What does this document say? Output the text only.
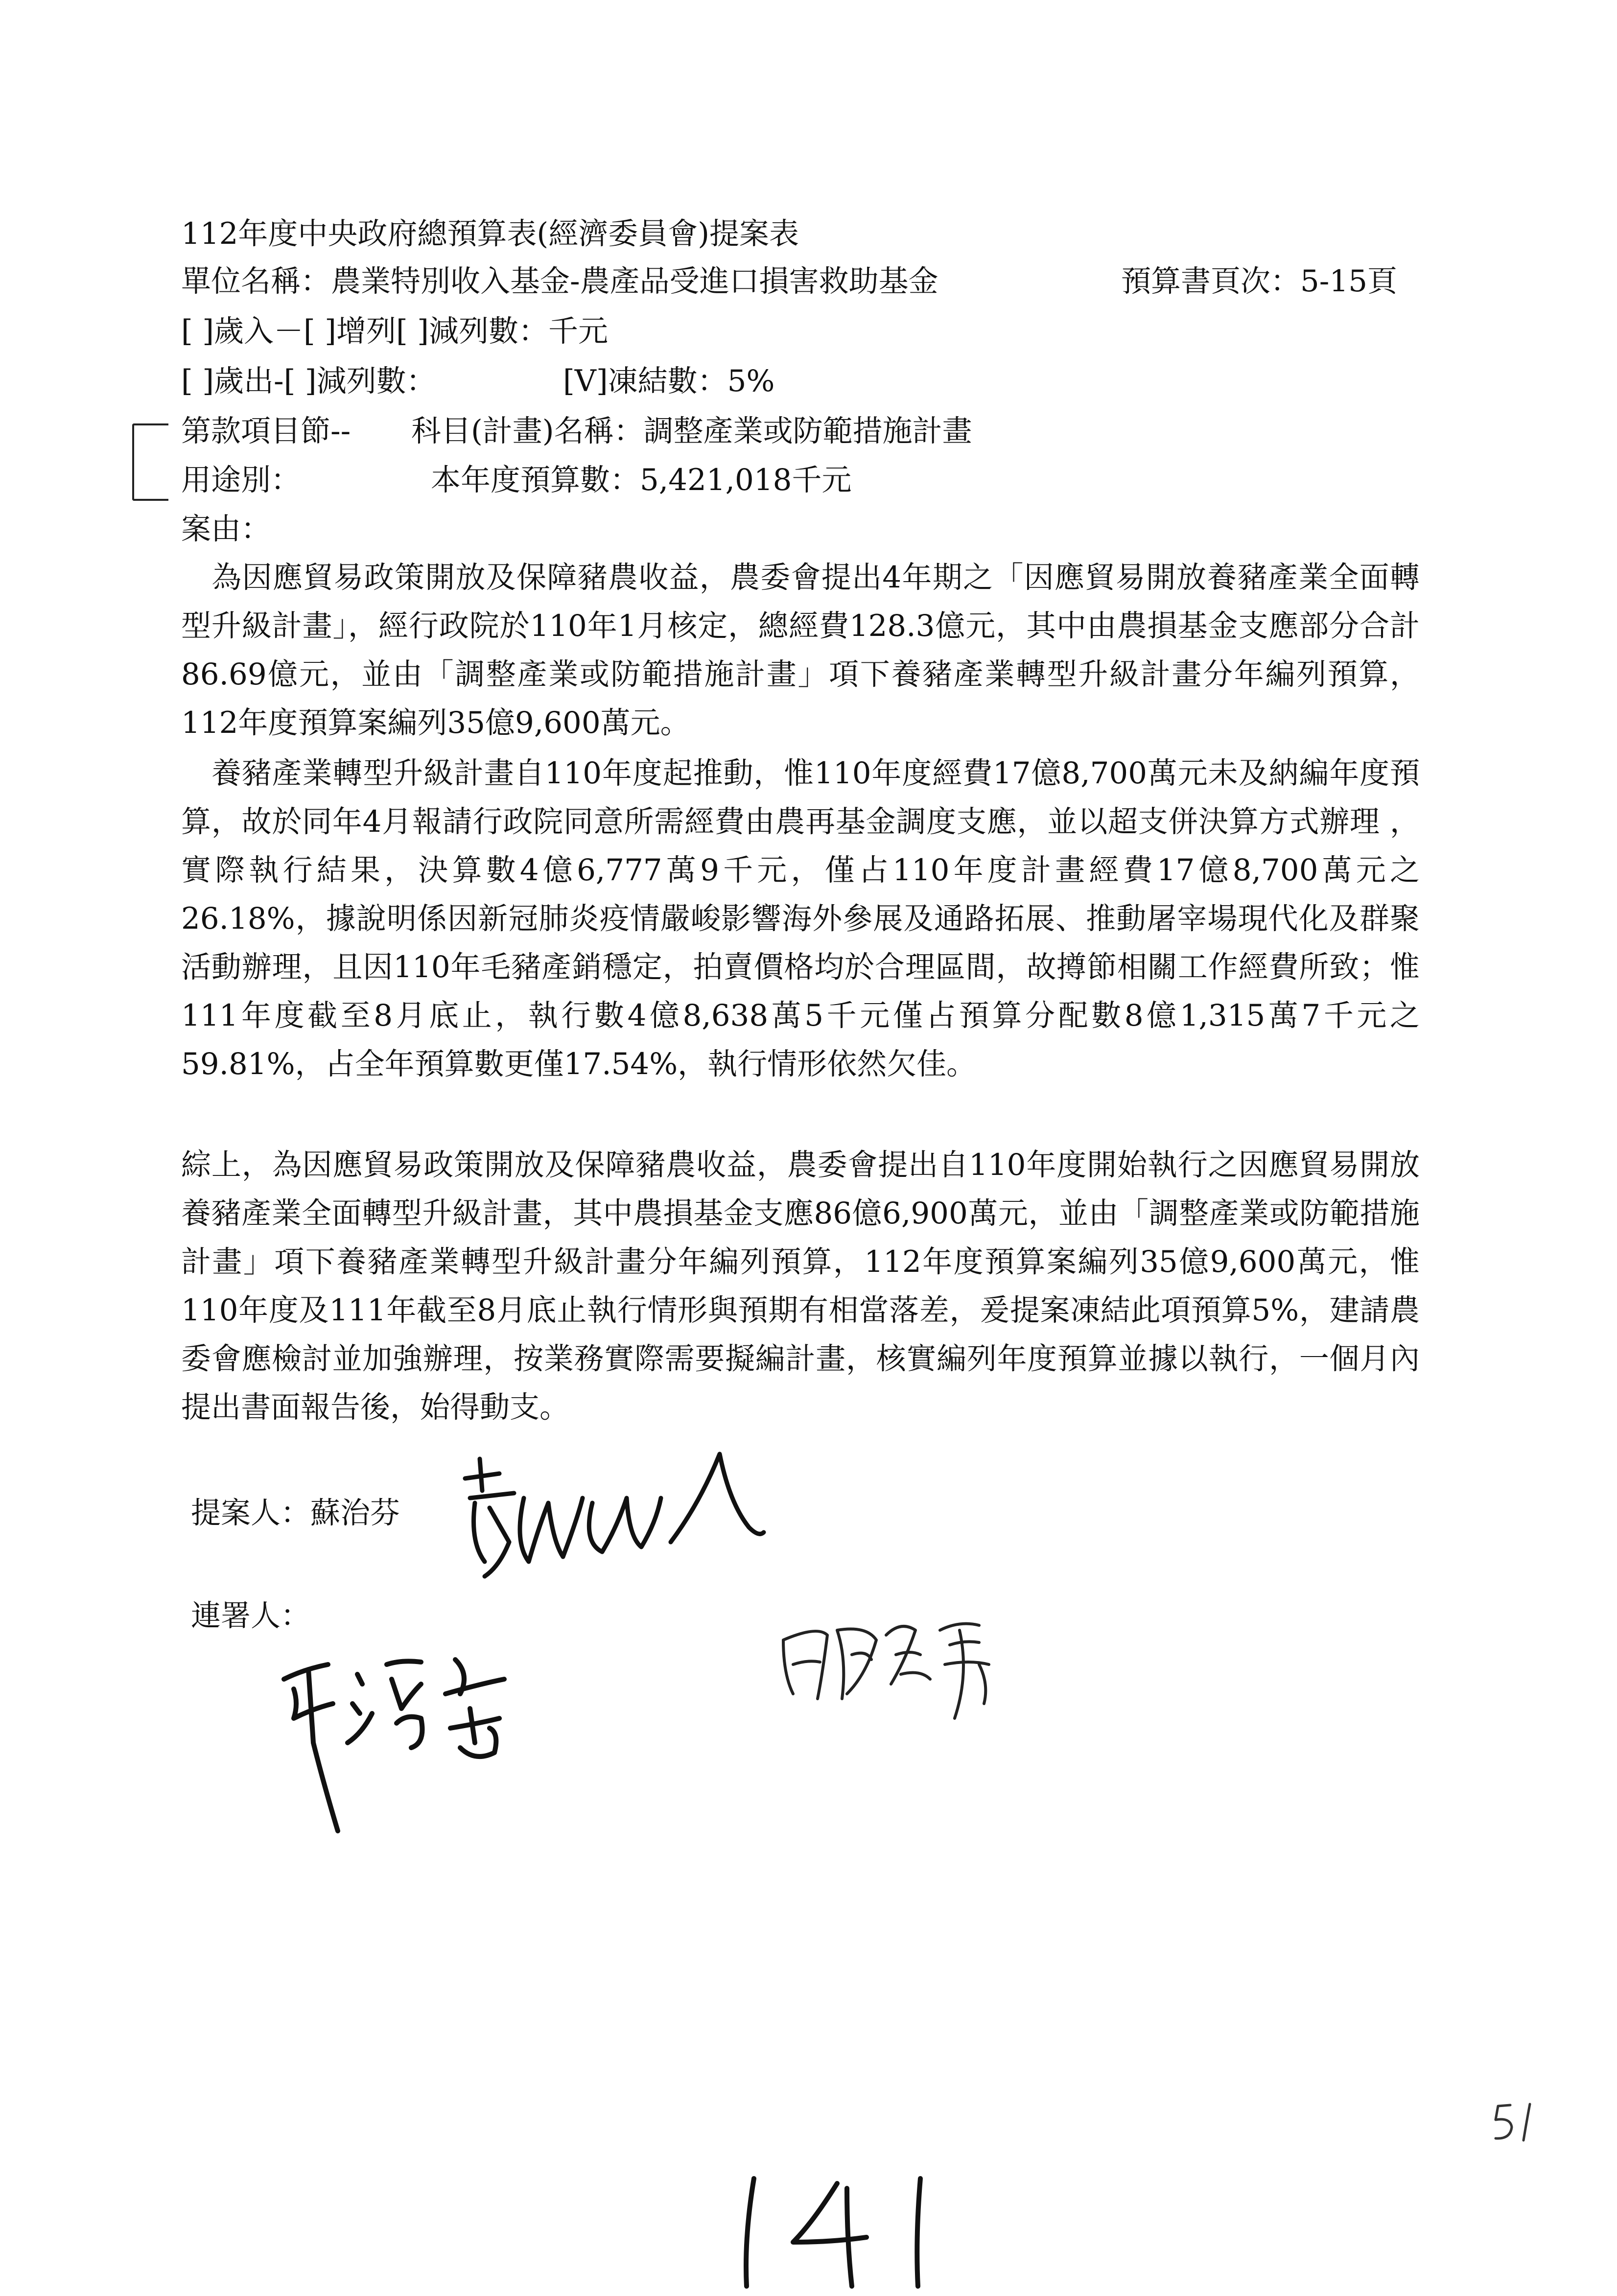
112年度中央政府總預算表(經濟委員會)提案表
單位名稱： 農業特別收入基金-農產品受進口損害救助基金	預算書頁次：5-15頁
[ ]歲入－[ ]增列[ ]減列數：千元
[ ]歲出-[ ]減列數：	[V]凍結數：5%
第款項目節-- 科目(計畫)名稱：調整產業或防範措施計畫
用途別：	本年度預算數：5,421,018千元
案由：
　為因應貿易政策開放及保障豬農收益，農委會提出4年期之「因應貿易開放養豬產業全面轉型升級計畫」，經行政院於110年1月核定，總經費128.3億元，其中由農損基金支應部分合計86.69億元，並由「調整產業或防範措施計畫」項下養豬產業轉型升級計畫分年編列預算，112年度預算案編列35億9,600萬元。
　養豬產業轉型升級計畫自110年度起推動，惟110年度經費17億8,700萬元未及納編年度預算，故於同年4月報請行政院同意所需經費由農再基金調度支應，並以超支併決算方式辦理 ，實際執行結果，決算數4億6,777萬9千元，僅占110年度計畫經費17億8,700萬元之26.18%，據說明係因新冠肺炎疫情嚴峻影響海外參展及通路拓展、推動屠宰場現代化及群聚活動辦理，且因110年毛豬產銷穩定，拍賣價格均於合理區間，故撙節相關工作經費所致；惟111年度截至8月底止，執行數4億8,638萬5千元僅占預算分配數8億1,315萬7千元之59.81%，占全年預算數更僅17.54%，執行情形依然欠佳。
綜上，為因應貿易政策開放及保障豬農收益，農委會提出自110年度開始執行之因應貿易開放養豬產業全面轉型升級計畫，其中農損基金支應86億6,900萬元，並由「調整產業或防範措施計畫」項下養豬產業轉型升級計畫分年編列預算，112年度預算案編列35億9,600萬元，惟110年度及111年截至8月底止執行情形與預期有相當落差，爰提案凍結此項預算5%，建請農委會應檢討並加強辦理，按業務實際需要擬編計畫，核實編列年度預算並據以執行，一個月內提出書面報告後，始得動支。
提案人：蘇治芬
連署人：
